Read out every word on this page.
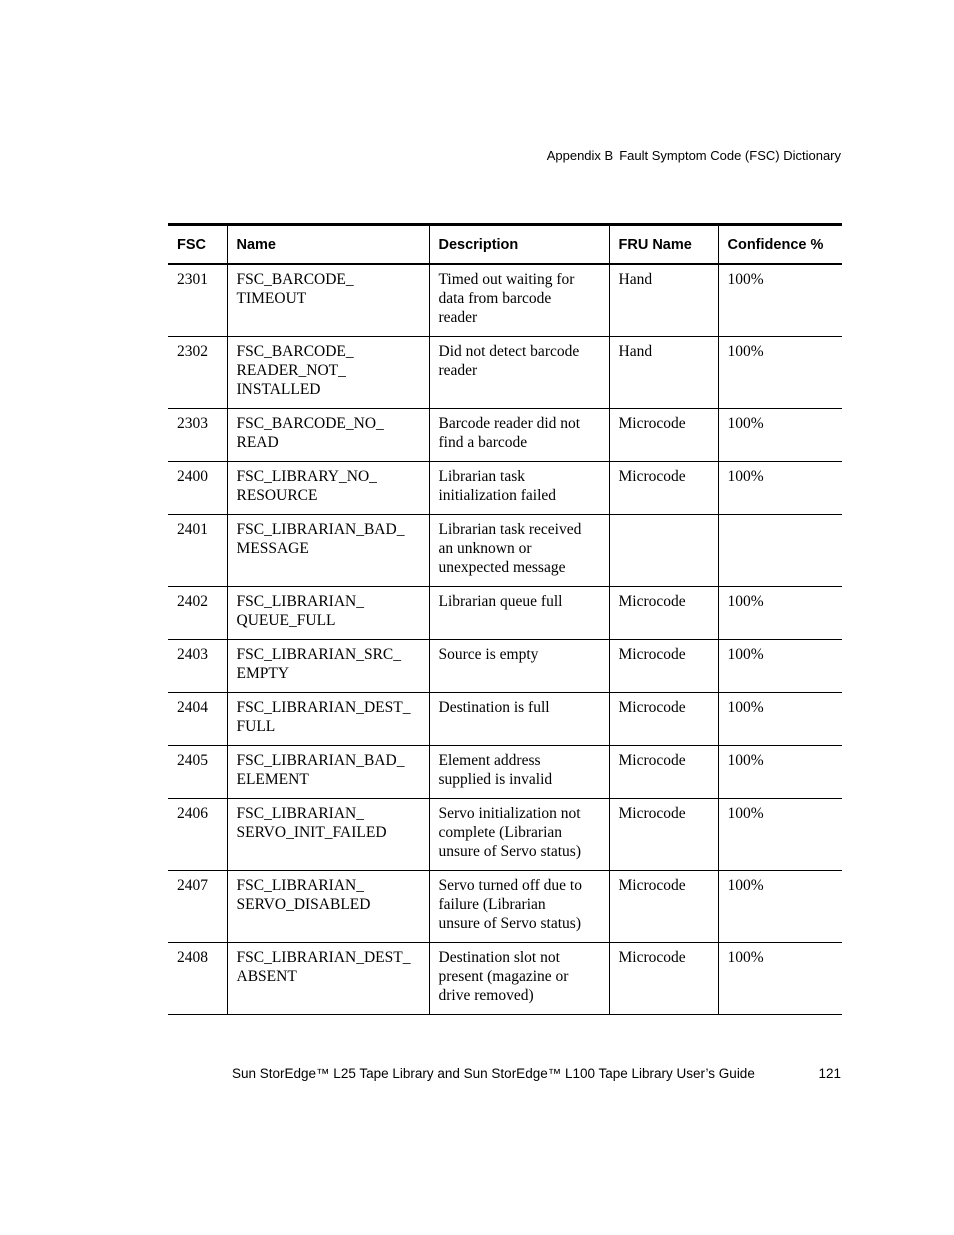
Appendix B Fault Symptom Code (FSC) Dictionary
FSC	Name	Description	FRU Name	Confidence %
2301	FSC_BARCODE_
TIMEOUT	Timed out waiting for
data from barcode
reader	Hand	100%
2302	FSC_BARCODE_
READER_NOT_
INSTALLED	Did not detect barcode
reader	Hand	100%
2303	FSC_BARCODE_NO_
READ	Barcode reader did not
find a barcode	Microcode	100%
2400	FSC_LIBRARY_NO_
RESOURCE	Librarian task
initialization failed	Microcode	100%
2401	FSC_LIBRARIAN_BAD_
MESSAGE	Librarian task received
an unknown or
unexpected message		
2402	FSC_LIBRARIAN_
QUEUE_FULL	Librarian queue full	Microcode	100%
2403	FSC_LIBRARIAN_SRC_
EMPTY	Source is empty	Microcode	100%
2404	FSC_LIBRARIAN_DEST_
FULL	Destination is full	Microcode	100%
2405	FSC_LIBRARIAN_BAD_
ELEMENT	Element address
supplied is invalid	Microcode	100%
2406	FSC_LIBRARIAN_
SERVO_INIT_FAILED	Servo initialization not
complete (Librarian
unsure of Servo status)	Microcode	100%
2407	FSC_LIBRARIAN_
SERVO_DISABLED	Servo turned off due to
failure (Librarian
unsure of Servo status)	Microcode	100%
2408	FSC_LIBRARIAN_DEST_
ABSENT	Destination slot not
present (magazine or
drive removed)	Microcode	100%
Sun StorEdge™ L25 Tape Library and Sun StorEdge™ L100 Tape Library User’s Guide	121
